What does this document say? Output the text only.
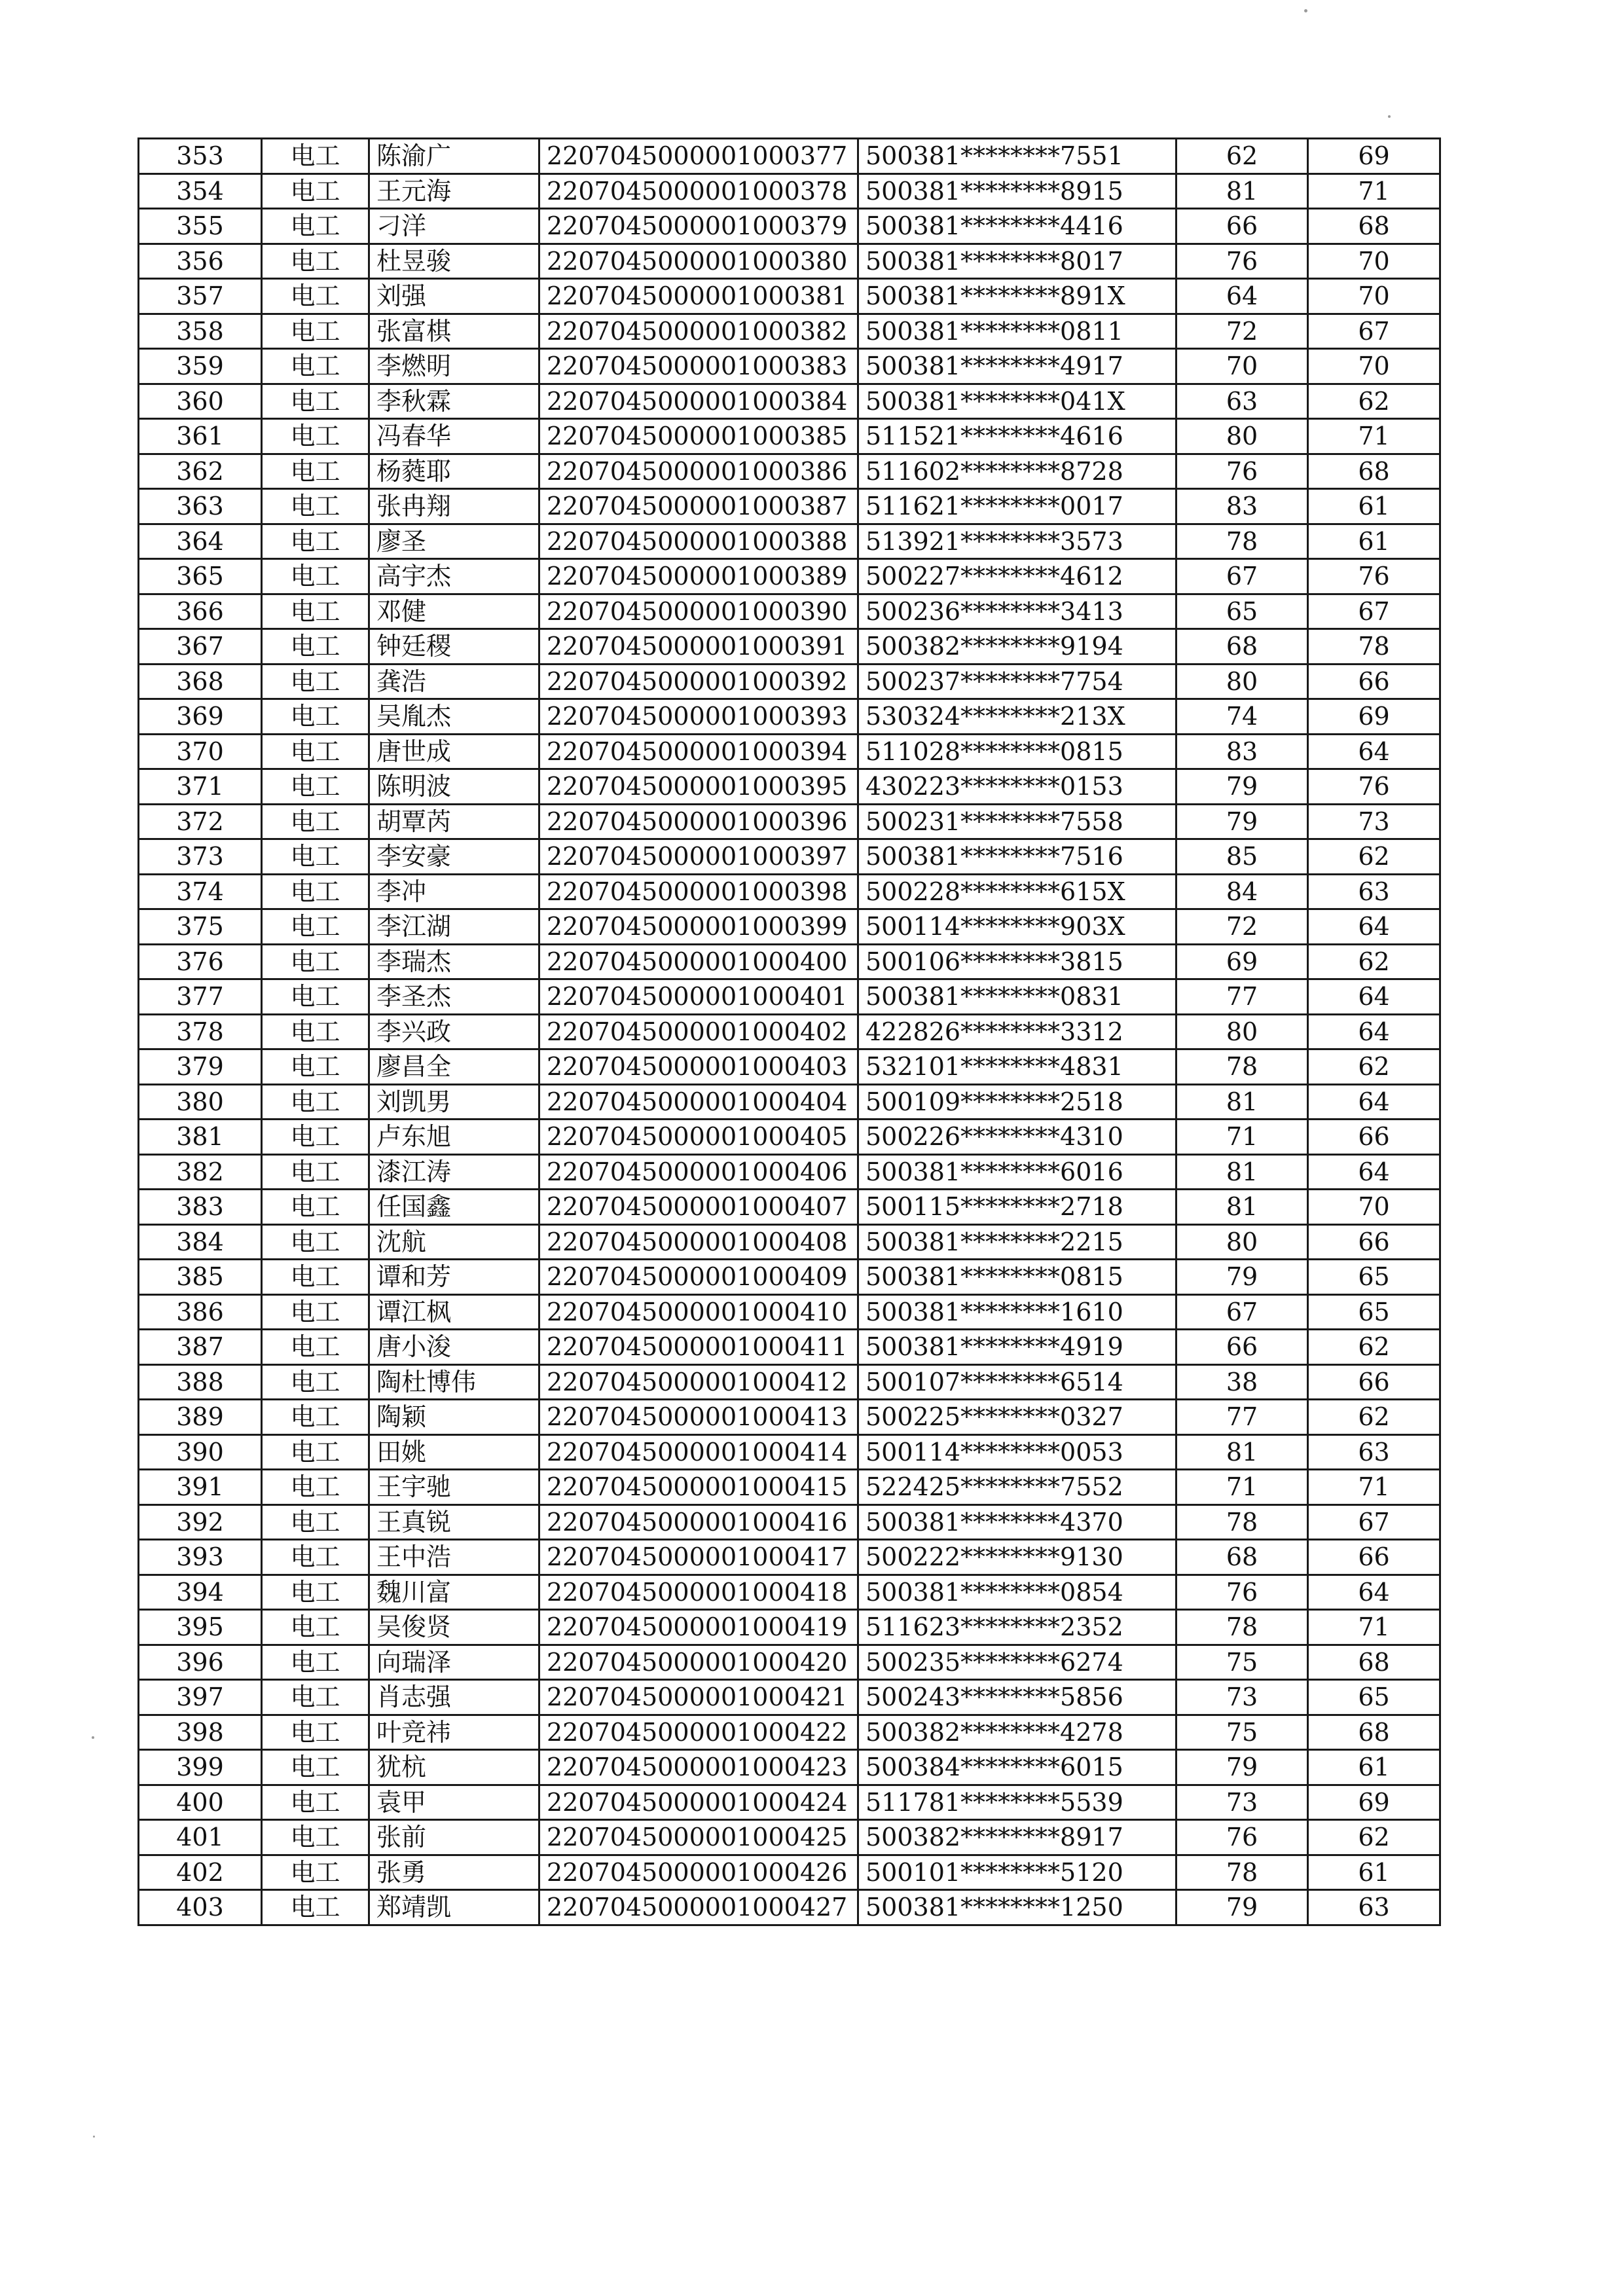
353	电工	陈渝广	2207045000001000377	500381********7551	62	69
354	电工	王元海	2207045000001000378	500381********8915	81	71
355	电工	刁洋	2207045000001000379	500381********4416	66	68
356	电工	杜昱骏	2207045000001000380	500381********8017	76	70
357	电工	刘强	2207045000001000381	500381********891X	64	70
358	电工	张富棋	2207045000001000382	500381********0811	72	67
359	电工	李燃明	2207045000001000383	500381********4917	70	70
360	电工	李秋霖	2207045000001000384	500381********041X	63	62
361	电工	冯春华	2207045000001000385	511521********4616	80	71
362	电工	杨蕤耶	2207045000001000386	511602********8728	76	68
363	电工	张冉翔	2207045000001000387	511621********0017	83	61
364	电工	廖圣	2207045000001000388	513921********3573	78	61
365	电工	高宇杰	2207045000001000389	500227********4612	67	76
366	电工	邓健	2207045000001000390	500236********3413	65	67
367	电工	钟廷稷	2207045000001000391	500382********9194	68	78
368	电工	龚浩	2207045000001000392	500237********7754	80	66
369	电工	吴胤杰	2207045000001000393	530324********213X	74	69
370	电工	唐世成	2207045000001000394	511028********0815	83	64
371	电工	陈明波	2207045000001000395	430223********0153	79	76
372	电工	胡覃芮	2207045000001000396	500231********7558	79	73
373	电工	李安豪	2207045000001000397	500381********7516	85	62
374	电工	李冲	2207045000001000398	500228********615X	84	63
375	电工	李江湖	2207045000001000399	500114********903X	72	64
376	电工	李瑞杰	2207045000001000400	500106********3815	69	62
377	电工	李圣杰	2207045000001000401	500381********0831	77	64
378	电工	李兴政	2207045000001000402	422826********3312	80	64
379	电工	廖昌全	2207045000001000403	532101********4831	78	62
380	电工	刘凯男	2207045000001000404	500109********2518	81	64
381	电工	卢东旭	2207045000001000405	500226********4310	71	66
382	电工	漆江涛	2207045000001000406	500381********6016	81	64
383	电工	任国鑫	2207045000001000407	500115********2718	81	70
384	电工	沈航	2207045000001000408	500381********2215	80	66
385	电工	谭和芳	2207045000001000409	500381********0815	79	65
386	电工	谭江枫	2207045000001000410	500381********1610	67	65
387	电工	唐小浚	2207045000001000411	500381********4919	66	62
388	电工	陶杜博伟	2207045000001000412	500107********6514	38	66
389	电工	陶颖	2207045000001000413	500225********0327	77	62
390	电工	田姚	2207045000001000414	500114********0053	81	63
391	电工	王宇驰	2207045000001000415	522425********7552	71	71
392	电工	王真锐	2207045000001000416	500381********4370	78	67
393	电工	王中浩	2207045000001000417	500222********9130	68	66
394	电工	魏川富	2207045000001000418	500381********0854	76	64
395	电工	吴俊贤	2207045000001000419	511623********2352	78	71
396	电工	向瑞泽	2207045000001000420	500235********6274	75	68
397	电工	肖志强	2207045000001000421	500243********5856	73	65
398	电工	叶竞祎	2207045000001000422	500382********4278	75	68
399	电工	犹杭	2207045000001000423	500384********6015	79	61
400	电工	袁甲	2207045000001000424	511781********5539	73	69
401	电工	张前	2207045000001000425	500382********8917	76	62
402	电工	张勇	2207045000001000426	500101********5120	78	61
403	电工	郑靖凯	2207045000001000427	500381********1250	79	63
